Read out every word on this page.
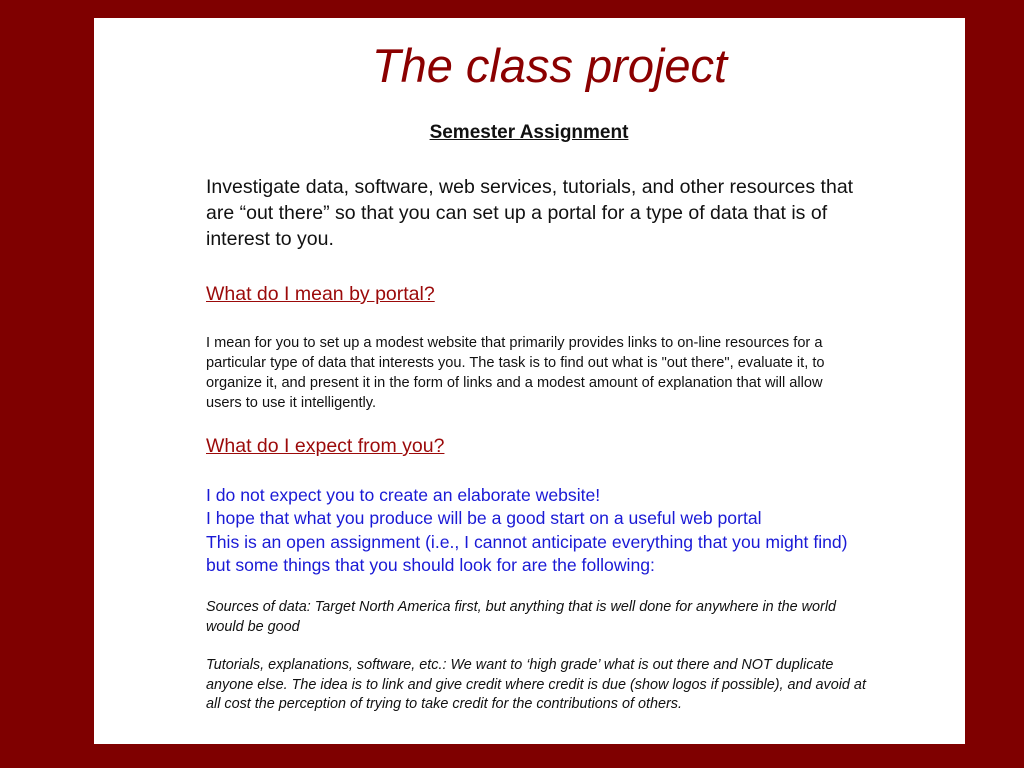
The class project
Semester Assignment

Investigate data, software, web services, tutorials, and other resources that are “out there” so that you can set up a portal for a type of data that is of interest to you.

What do I mean by portal?

I mean for you to set up a modest website that primarily provides links to on-line resources for a particular type of data that interests you. The task is to find out what is "out there", evaluate it, to organize it, and present it in the form of links and a modest amount of explanation that will allow users to use it intelligently.

What do I expect from you?

I do not expect you to create an elaborate website!
I hope that what you produce will be a good start on a useful web portal
This is an open assignment (i.e., I cannot anticipate everything that you might find) but some things that you should look for are the following:

Sources of data: Target North America first, but anything that is well done for anywhere in the world would be good

Tutorials, explanations, software, etc.: We want to ‘high grade’ what is out there and NOT duplicate anyone else. The idea is to link and give credit where credit is due (show logos if possible), and avoid at all cost the perception of trying to take credit for the contributions of others.
